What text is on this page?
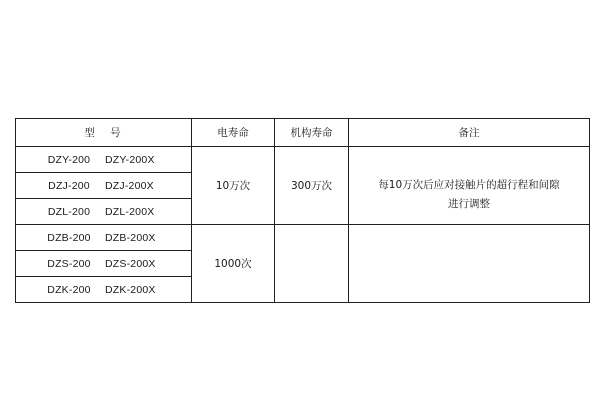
型 号	电寿命	机构寿命	备注

DZY-200 DZY-200X	10万次	300万次	每10万次后应对接触片的超行程和间隙
进行调整

DZJ-200 DZJ-200X			

DZL-200 DZL-200X			

DZB-200 DZB-200X	1000次		

DZS-200 DZS-200X			

DZK-200 DZK-200X			
